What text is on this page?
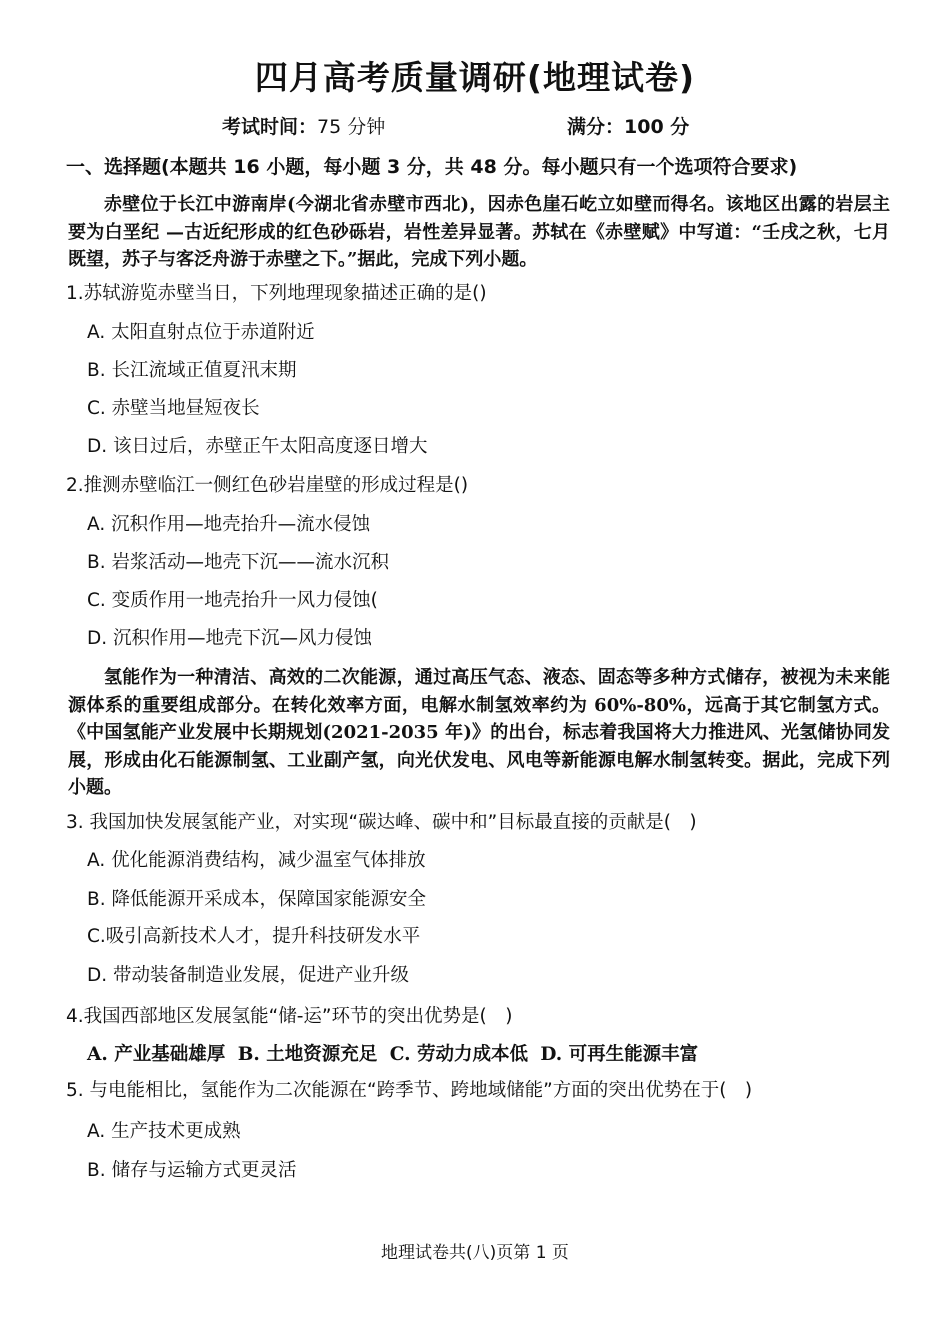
四月高考质量调研(地理试卷)
考试时间：75 分钟	满分：100 分
一、选择题(本题共 16 小题，每小题 3 分，共 48 分。每小题只有一个选项符合要求)
赤壁位于长江中游南岸(今湖北省赤壁市西北)，因赤色崖石屹立如壁而得名。该地区出露的岩层主要为白垩纪 —古近纪形成的红色砂砾岩，岩性差异显著。苏轼在《赤壁赋》中写道：“壬戌之秋，七月既望，苏子与客泛舟游于赤壁之下。”据此，完成下列小题。
1.苏轼游览赤壁当日，下列地理现象描述正确的是()
A. 太阳直射点位于赤道附近
B. 长江流域正值夏汛末期
C. 赤壁当地昼短夜长
D. 该日过后，赤壁正午太阳高度逐日增大
2.推测赤壁临江一侧红色砂岩崖壁的形成过程是()
A. 沉积作用—地壳抬升—流水侵蚀
B. 岩浆活动—地壳下沉——流水沉积
C. 变质作用一地壳抬升一风力侵蚀(
D. 沉积作用—地壳下沉—风力侵蚀
氢能作为一种清洁、高效的二次能源，通过高压气态、液态、固态等多种方式储存，被视为未来能源体系的重要组成部分。在转化效率方面，电解水制氢效率约为 60%-80%，远高于其它制氢方式。《中国氢能产业发展中长期规划(2021-2035 年)》的出台，标志着我国将大力推进风、光氢储协同发展，形成由化石能源制氢、工业副产氢，向光伏发电、风电等新能源电解水制氢转变。据此，完成下列小题。
3. 我国加快发展氢能产业，对实现“碳达峰、碳中和”目标最直接的贡献是(　)
A. 优化能源消费结构，减少温室气体排放
B. 降低能源开采成本，保障国家能源安全
C.吸引高新技术人才，提升科技研发水平
D. 带动装备制造业发展，促进产业升级
4.我国西部地区发展氢能“储-运”环节的突出优势是(　)
A. 产业基础雄厚 B. 土地资源充足 C. 劳动力成本低 D. 可再生能源丰富
5. 与电能相比，氢能作为二次能源在“跨季节、跨地域储能”方面的突出优势在于(　)
A. 生产技术更成熟
B. 储存与运输方式更灵活
地理试卷共(八)页第 1 页
